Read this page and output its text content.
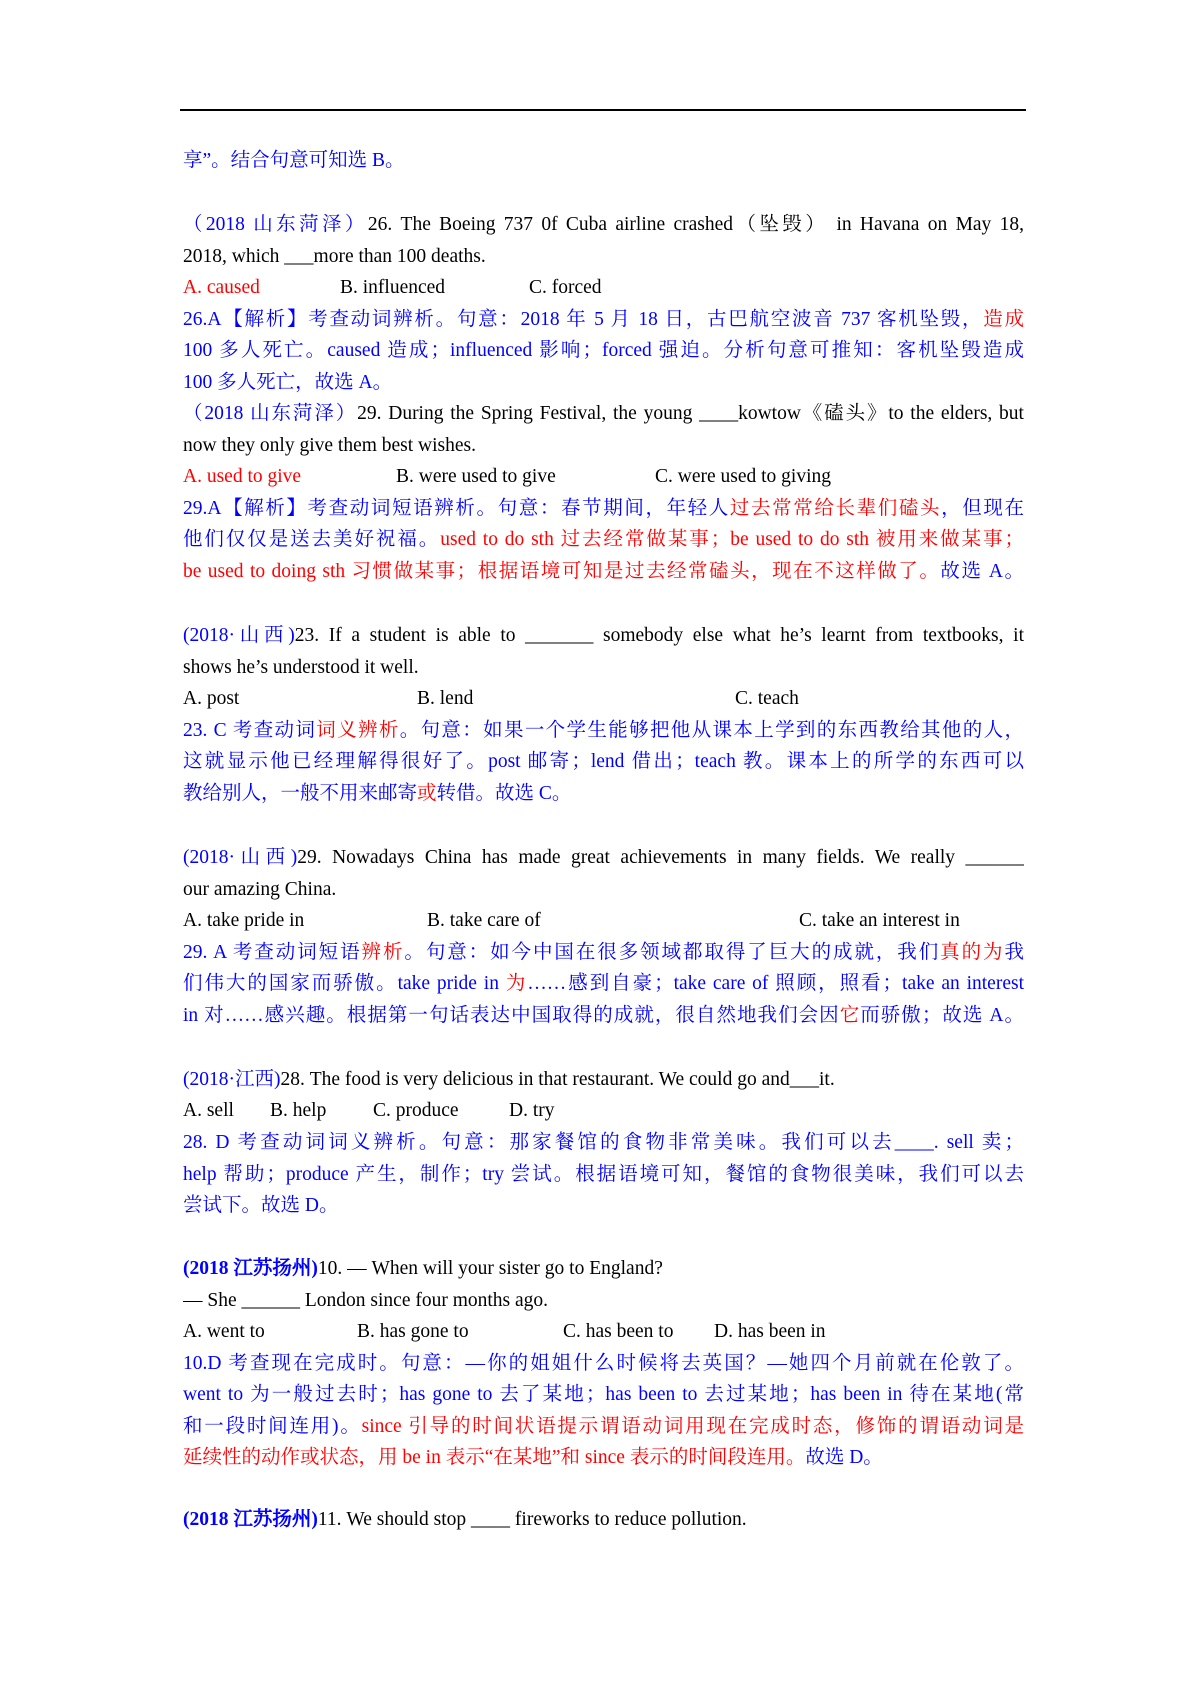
享”。结合句意可知选 B。
（2018 山东菏泽）26. The Boeing 737 0f Cuba airline crashed（坠毁） in Havana on May 18,
2018, which ___more than 100 deaths.
A. caused	B. influenced	C. forced
26.A【解析】考查动词辨析。句意：2018 年 5 月 18 日，古巴航空波音 737 客机坠毁，造成
100 多人死亡。caused 造成；influenced 影响；forced 强迫。分析句意可推知：客机坠毁造成
100 多人死亡，故选 A。
（2018 山东菏泽）29. During the Spring Festival, the young ____kowtow《磕头》to the elders, but
now they only give them best wishes.
A. used to give	B. were used to give	C. were used to giving
29.A【解析】考查动词短语辨析。句意：春节期间，年轻人过去常常给长辈们磕头，但现在
他们仅仅是送去美好祝福。used to do sth 过去经常做某事；be used to do sth 被用来做某事；
be used to doing sth 习惯做某事；根据语境可知是过去经常磕头，现在不这样做了。故选 A。
(2018·山西)23. If a student is able to _______ somebody else what he’s learnt from textbooks, it
shows he’s understood it well.
A. post	B. lend	C. teach
23. C 考查动词词义辨析。句意：如果一个学生能够把他从课本上学到的东西教给其他的人，
这就显示他已经理解得很好了。post 邮寄；lend 借出；teach 教。课本上的所学的东西可以
教给别人，一般不用来邮寄或转借。故选 C。
(2018·山西)29. Nowadays China has made great achievements in many fields. We really ______
our amazing China.
A. take pride in	B. take care of	C. take an interest in
29. A 考查动词短语辨析。句意：如今中国在很多领域都取得了巨大的成就，我们真的为我
们伟大的国家而骄傲。take pride in 为……感到自豪；take care of 照顾，照看；take an interest
in 对……感兴趣。根据第一句话表达中国取得的成就，很自然地我们会因它而骄傲；故选 A。
(2018·江西)28. The food is very delicious in that restaurant. We could go and___it.
A. sell B. help C. produce	D. try
28. D 考查动词词义辨析。句意：那家餐馆的食物非常美味。我们可以去____. sell 卖；
help 帮助；produce 产生，制作；try 尝试。根据语境可知，餐馆的食物很美味，我们可以去
尝试下。故选 D。
(2018 江苏扬州)10. — When will your sister go to England?
— She ______ London since four months ago.
A. went to	B. has gone to	C. has been to D. has been in
10.D 考查现在完成时。句意：—你的姐姐什么时候将去英国？—她四个月前就在伦敦了。
went to 为一般过去时；has gone to 去了某地；has been to 去过某地；has been in 待在某地(常
和一段时间连用)。since 引导的时间状语提示谓语动词用现在完成时态，修饰的谓语动词是
延续性的动作或状态，用 be in 表示“在某地”和 since 表示的时间段连用。故选 D。
(2018 江苏扬州)11. We should stop ____ fireworks to reduce pollution.
